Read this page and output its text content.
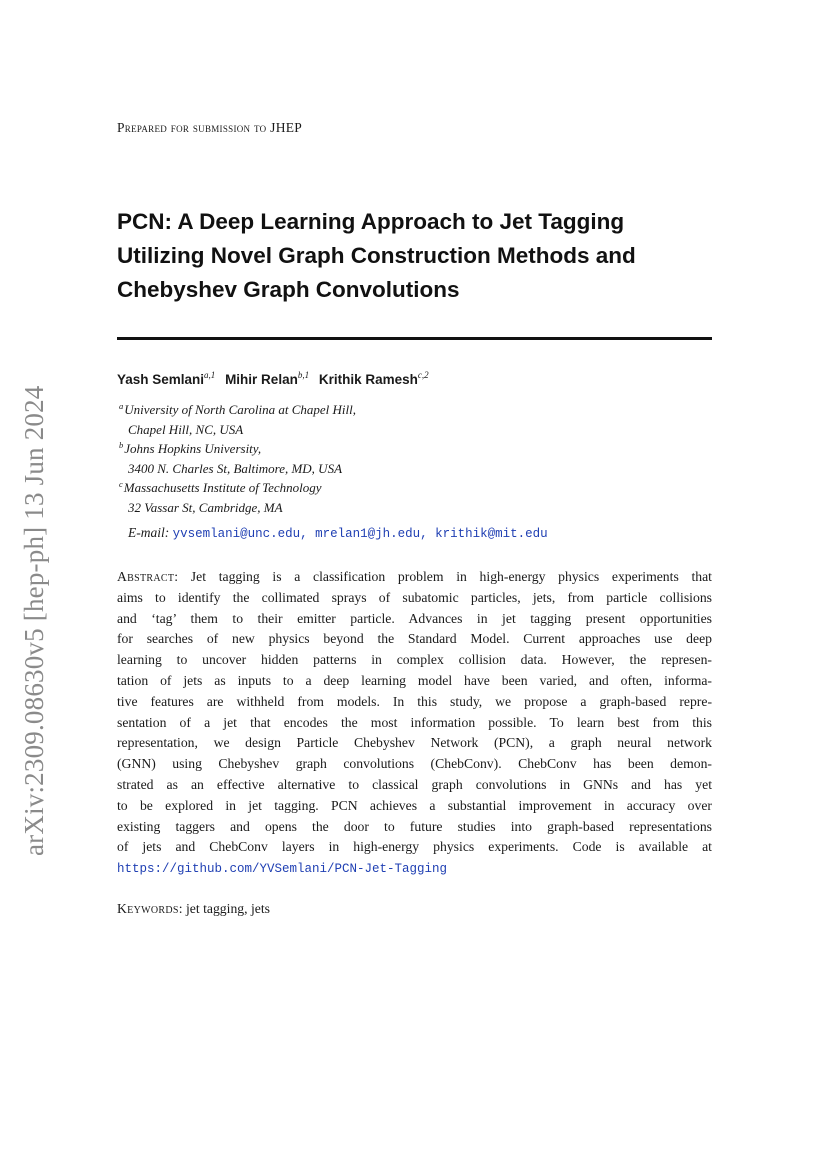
arXiv:2309.08630v5 [hep-ph] 13 Jun 2024
Prepared for submission to JHEP
PCN: A Deep Learning Approach to Jet Tagging
Utilizing Novel Graph Construction Methods and
Chebyshev Graph Convolutions
Yash Semlani$^{a,1}$ Mihir Relan$^{b,1}$ Krithik Ramesh$^{c,2}$
$^a$University of North Carolina at Chapel Hill,
Chapel Hill, NC, USA
$^b$Johns Hopkins University,
3400 N. Charles St, Baltimore, MD, USA
$^c$Massachusetts Institute of Technology
32 Vassar St, Cambridge, MA
E-mail: yvsemlani@unc.edu, mrelan1@jh.edu, krithik@mit.edu
Abstract: Jet tagging is a classification problem in high-energy physics experiments that
aims to identify the collimated sprays of subatomic particles, jets, from particle collisions
and ‘tag’ them to their emitter particle. Advances in jet tagging present opportunities
for searches of new physics beyond the Standard Model. Current approaches use deep
learning to uncover hidden patterns in complex collision data. However, the represen-
tation of jets as inputs to a deep learning model have been varied, and often, informa-
tive features are withheld from models. In this study, we propose a graph-based repre-
sentation of a jet that encodes the most information possible. To learn best from this
representation, we design Particle Chebyshev Network (PCN), a graph neural network
(GNN) using Chebyshev graph convolutions (ChebConv). ChebConv has been demon-
strated as an effective alternative to classical graph convolutions in GNNs and has yet
to be explored in jet tagging. PCN achieves a substantial improvement in accuracy over
existing taggers and opens the door to future studies into graph-based representations
of jets and ChebConv layers in high-energy physics experiments. Code is available at
https://github.com/YVSemlani/PCN-Jet-Tagging
Keywords: jet tagging, jets
